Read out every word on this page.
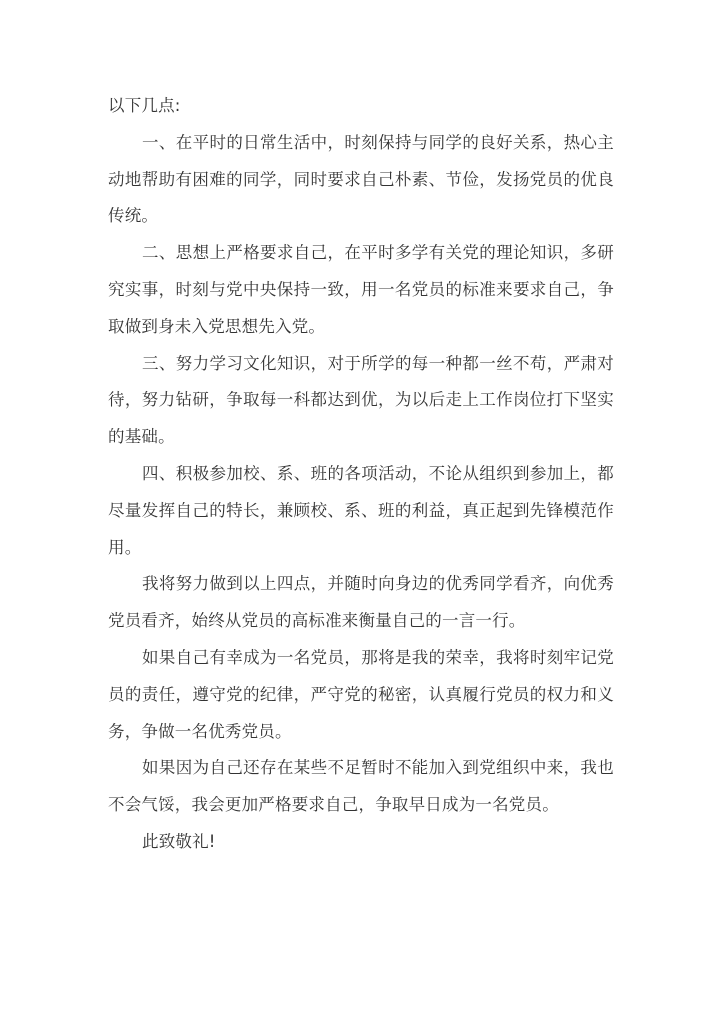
以下几点:

一、在平时的日常生活中，时刻保持与同学的良好关系，热心主动地帮助有困难的同学，同时要求自己朴素、节俭，发扬党员的优良传统。

二、思想上严格要求自己，在平时多学有关党的理论知识，多研究实事，时刻与党中央保持一致，用一名党员的标准来要求自己，争取做到身未入党思想先入党。

三、努力学习文化知识，对于所学的每一种都一丝不苟，严肃对待，努力钻研，争取每一科都达到优，为以后走上工作岗位打下坚实的基础。

四、积极参加校、系、班的各项活动，不论从组织到参加上，都尽量发挥自己的特长，兼顾校、系、班的利益，真正起到先锋模范作用。

我将努力做到以上四点，并随时向身边的优秀同学看齐，向优秀党员看齐，始终从党员的高标准来衡量自己的一言一行。

如果自己有幸成为一名党员，那将是我的荣幸，我将时刻牢记党员的责任，遵守党的纪律，严守党的秘密，认真履行党员的权力和义务，争做一名优秀党员。

如果因为自己还存在某些不足暂时不能加入到党组织中来，我也不会气馁，我会更加严格要求自己，争取早日成为一名党员。

此致敬礼!
